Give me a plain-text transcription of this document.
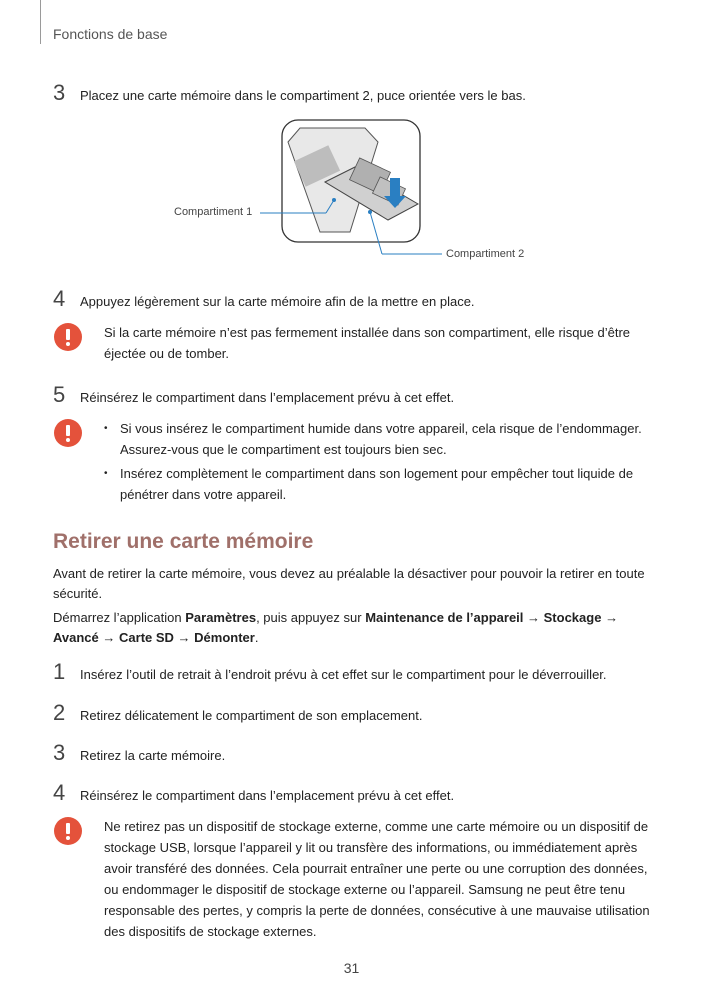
Fonctions de base
3 Placez une carte mémoire dans le compartiment 2, puce orientée vers le bas.
Compartiment 1
Compartiment 2
4 Appuyez légèrement sur la carte mémoire afin de la mettre en place.
Si la carte mémoire n’est pas fermement installée dans son compartiment, elle risque d’être éjectée ou de tomber.
5 Réinsérez le compartiment dans l’emplacement prévu à cet effet.
• Si vous insérez le compartiment humide dans votre appareil, cela risque de l’endommager. Assurez-vous que le compartiment est toujours bien sec.
• Insérez complètement le compartiment dans son logement pour empêcher tout liquide de pénétrer dans votre appareil.
Retirer une carte mémoire
Avant de retirer la carte mémoire, vous devez au préalable la désactiver pour pouvoir la retirer en toute sécurité.
Démarrez l’application Paramètres, puis appuyez sur Maintenance de l’appareil → Stockage → Avancé → Carte SD → Démonter.
1 Insérez l’outil de retrait à l’endroit prévu à cet effet sur le compartiment pour le déverrouiller.
2 Retirez délicatement le compartiment de son emplacement.
3 Retirez la carte mémoire.
4 Réinsérez le compartiment dans l’emplacement prévu à cet effet.
Ne retirez pas un dispositif de stockage externe, comme une carte mémoire ou un dispositif de stockage USB, lorsque l’appareil y lit ou transfère des informations, ou immédiatement après avoir transféré des données. Cela pourrait entraîner une perte ou une corruption des données, ou endommager le dispositif de stockage externe ou l’appareil. Samsung ne peut être tenu responsable des pertes, y compris la perte de données, consécutive à une mauvaise utilisation des dispositifs de stockage externes.
31
